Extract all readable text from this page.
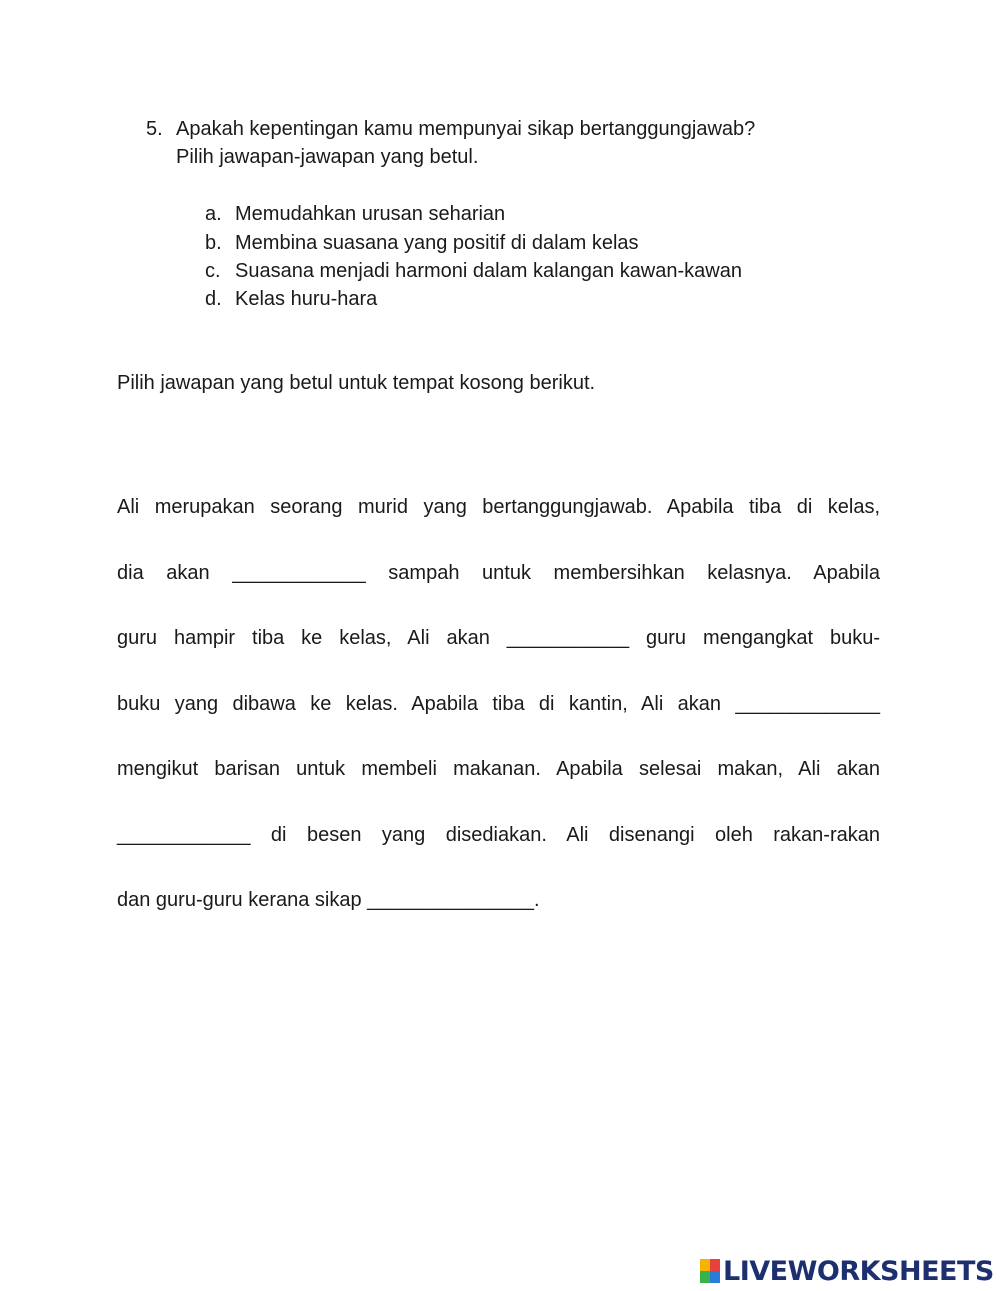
5. Apakah kepentingan kamu mempunyai sikap bertanggungjawab?
Pilih jawapan-jawapan yang betul.
a. Memudahkan urusan seharian
b. Membina suasana yang positif di dalam kelas
c. Suasana menjadi harmoni dalam kalangan kawan-kawan
d. Kelas huru-hara
Pilih jawapan yang betul untuk tempat kosong berikut.
Ali merupakan seorang murid yang bertanggungjawab. Apabila tiba di kelas,
dia akan ____________ sampah untuk membersihkan kelasnya. Apabila
guru hampir tiba ke kelas, Ali akan ___________ guru mengangkat buku-
buku yang dibawa ke kelas. Apabila tiba di kantin, Ali akan _____________
mengikut barisan untuk membeli makanan. Apabila selesai makan, Ali akan
____________ di besen yang disediakan. Ali disenangi oleh rakan-rakan
dan guru-guru kerana sikap _______________.
LIVEWORKSHEETS
